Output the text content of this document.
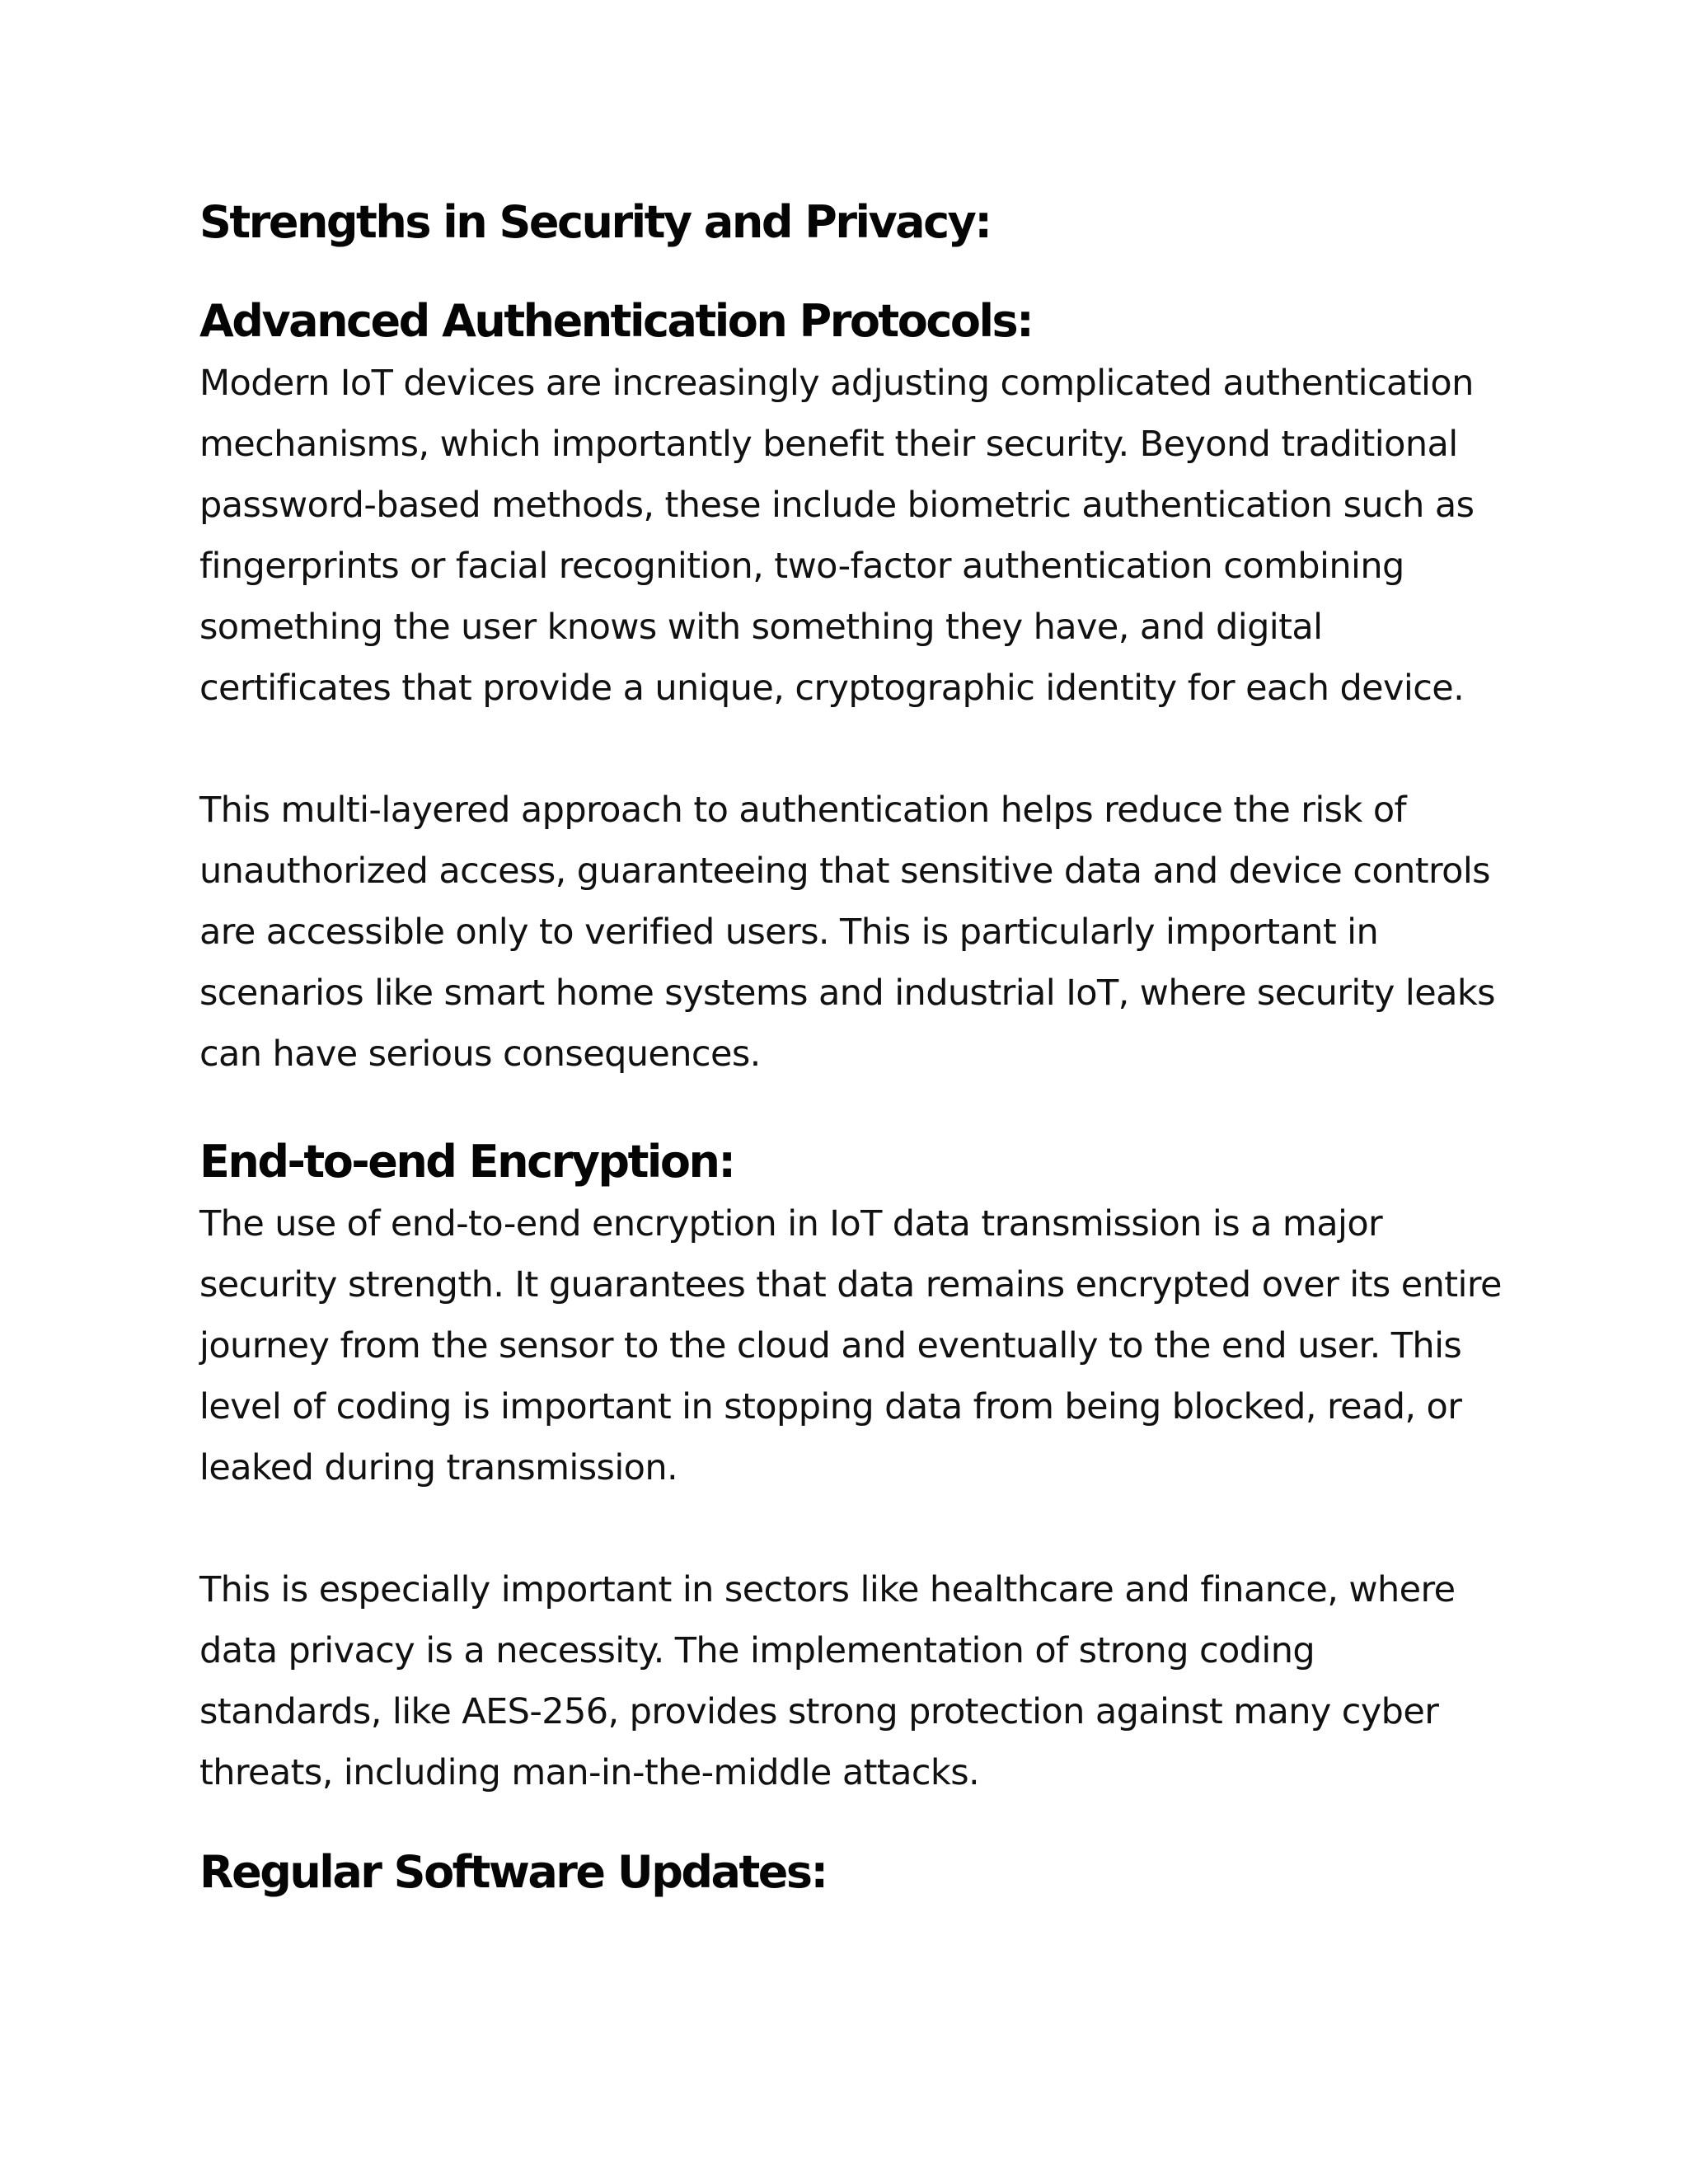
Strengths in Security and Privacy:
Advanced Authentication Protocols:

Modern IoT devices are increasingly adjusting complicated authentication mechanisms, which importantly benefit their security. Beyond traditional password-based methods, these include biometric authentication such as fingerprints or facial recognition, two-factor authentication combining something the user knows with something they have, and digital certificates that provide a unique, cryptographic identity for each device.

This multi-layered approach to authentication helps reduce the risk of unauthorized access, guaranteeing that sensitive data and device controls are accessible only to verified users. This is particularly important in scenarios like smart home systems and industrial IoT, where security leaks can have serious consequences.

End-to-end Encryption:

The use of end-to-end encryption in IoT data transmission is a major security strength. It guarantees that data remains encrypted over its entire journey from the sensor to the cloud and eventually to the end user. This level of coding is important in stopping data from being blocked, read, or leaked during transmission.

This is especially important in sectors like healthcare and finance, where data privacy is a necessity. The implementation of strong coding standards, like AES-256, provides strong protection against many cyber threats, including man-in-the-middle attacks.

Regular Software Updates:
